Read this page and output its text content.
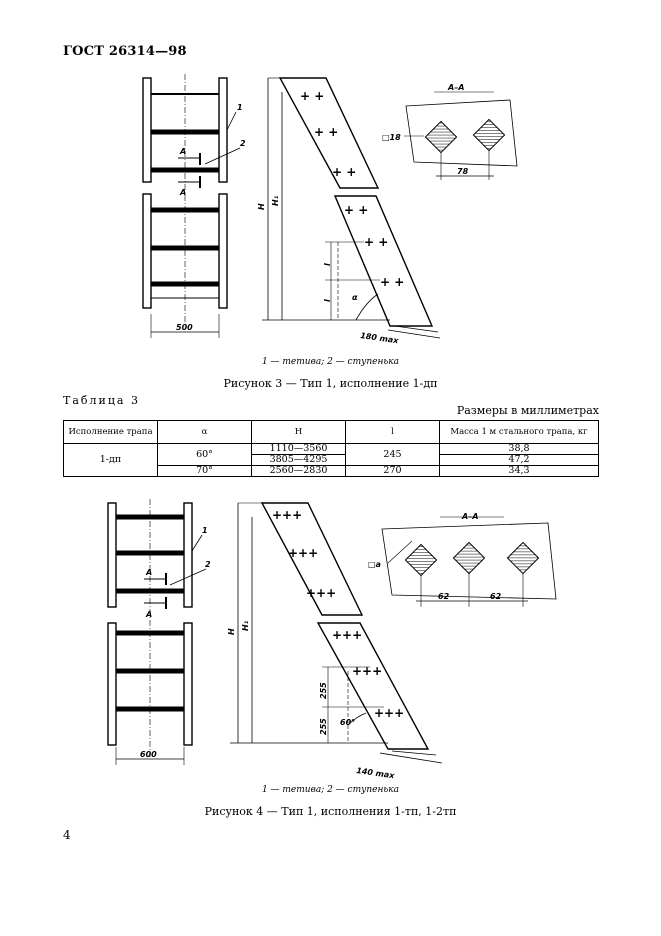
ГОСТ 26314—98
500
1
2
А
А
+ +
+ +
+ +
+ +
+ +
+ +
H
H₁
l
l	α
180 max
А–А
□18
78
1 — тетива; 2 — ступенька
Рисунок 3 — Тип 1, исполнение 1-дп
Таблица 3
Размеры в миллиметрах
Исполнение трапа	α	H	l	Масса 1 м стального трапа, кг
1-дп	60°	1110—3560	245	38,8
		3805—4295		47,2
	70°	2560—2830	270	34,3
600
1
2
А
А
+++
+++
+++
+++
+++
+++
H
H₁
255
255 60°
140 max
А–А
□a
62	62
1 — тетива; 2 — ступенька
Рисунок 4 — Тип 1, исполнения 1-тп, 1-2тп
4
